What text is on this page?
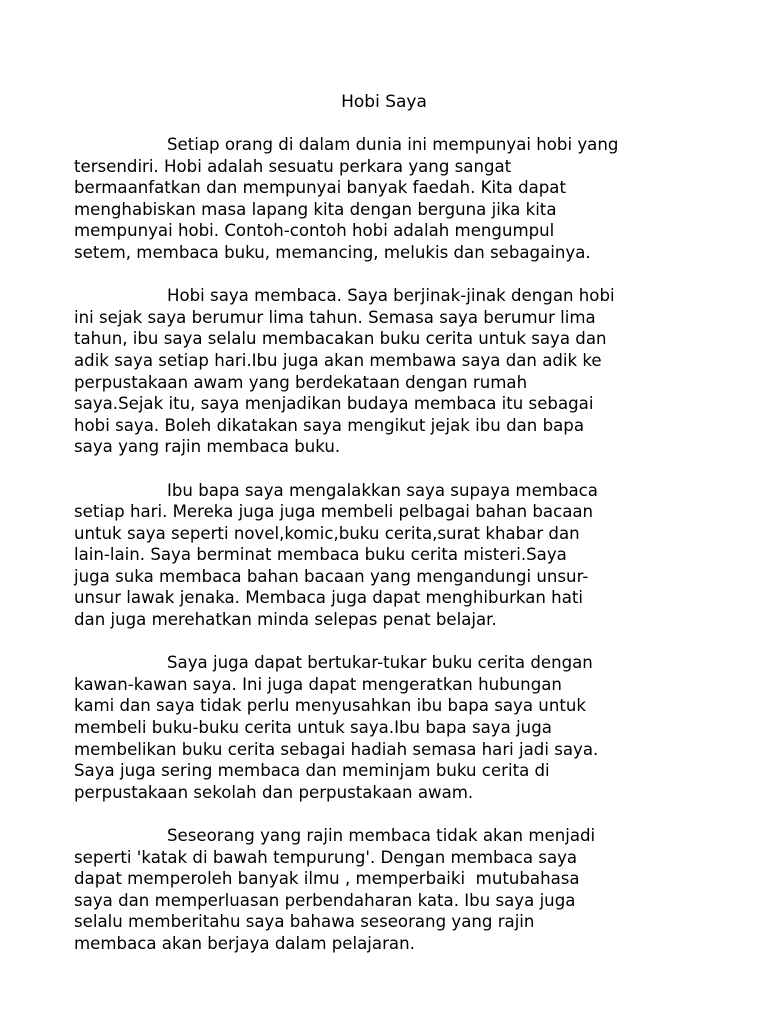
Hobi Saya

Setiap orang di dalam dunia ini mempunyai hobi yang
tersendiri. Hobi adalah sesuatu perkara yang sangat
bermaanfatkan dan mempunyai banyak faedah. Kita dapat
menghabiskan masa lapang kita dengan berguna jika kita
mempunyai hobi. Contoh-contoh hobi adalah mengumpul
setem, membaca buku, memancing, melukis dan sebagainya.

Hobi saya membaca. Saya berjinak-jinak dengan hobi
ini sejak saya berumur lima tahun. Semasa saya berumur lima
tahun, ibu saya selalu membacakan buku cerita untuk saya dan
adik saya setiap hari.Ibu juga akan membawa saya dan adik ke
perpustakaan awam yang berdekataan dengan rumah
saya.Sejak itu, saya menjadikan budaya membaca itu sebagai
hobi saya. Boleh dikatakan saya mengikut jejak ibu dan bapa
saya yang rajin membaca buku.

Ibu bapa saya mengalakkan saya supaya membaca
setiap hari. Mereka juga juga membeli pelbagai bahan bacaan
untuk saya seperti novel,komic,buku cerita,surat khabar dan
lain-lain. Saya berminat membaca buku cerita misteri.Saya
juga suka membaca bahan bacaan yang mengandungi unsur-
unsur lawak jenaka. Membaca juga dapat menghiburkan hati
dan juga merehatkan minda selepas penat belajar.

Saya juga dapat bertukar-tukar buku cerita dengan
kawan-kawan saya. Ini juga dapat mengeratkan hubungan
kami dan saya tidak perlu menyusahkan ibu bapa saya untuk
membeli buku-buku cerita untuk saya.Ibu bapa saya juga
membelikan buku cerita sebagai hadiah semasa hari jadi saya.
Saya juga sering membaca dan meminjam buku cerita di
perpustakaan sekolah dan perpustakaan awam.

Seseorang yang rajin membaca tidak akan menjadi
seperti 'katak di bawah tempurung'. Dengan membaca saya
dapat memperoleh banyak ilmu , memperbaiki  mutubahasa
saya dan memperluasan perbendaharan kata. Ibu saya juga
selalu memberitahu saya bahawa seseorang yang rajin
membaca akan berjaya dalam pelajaran.
